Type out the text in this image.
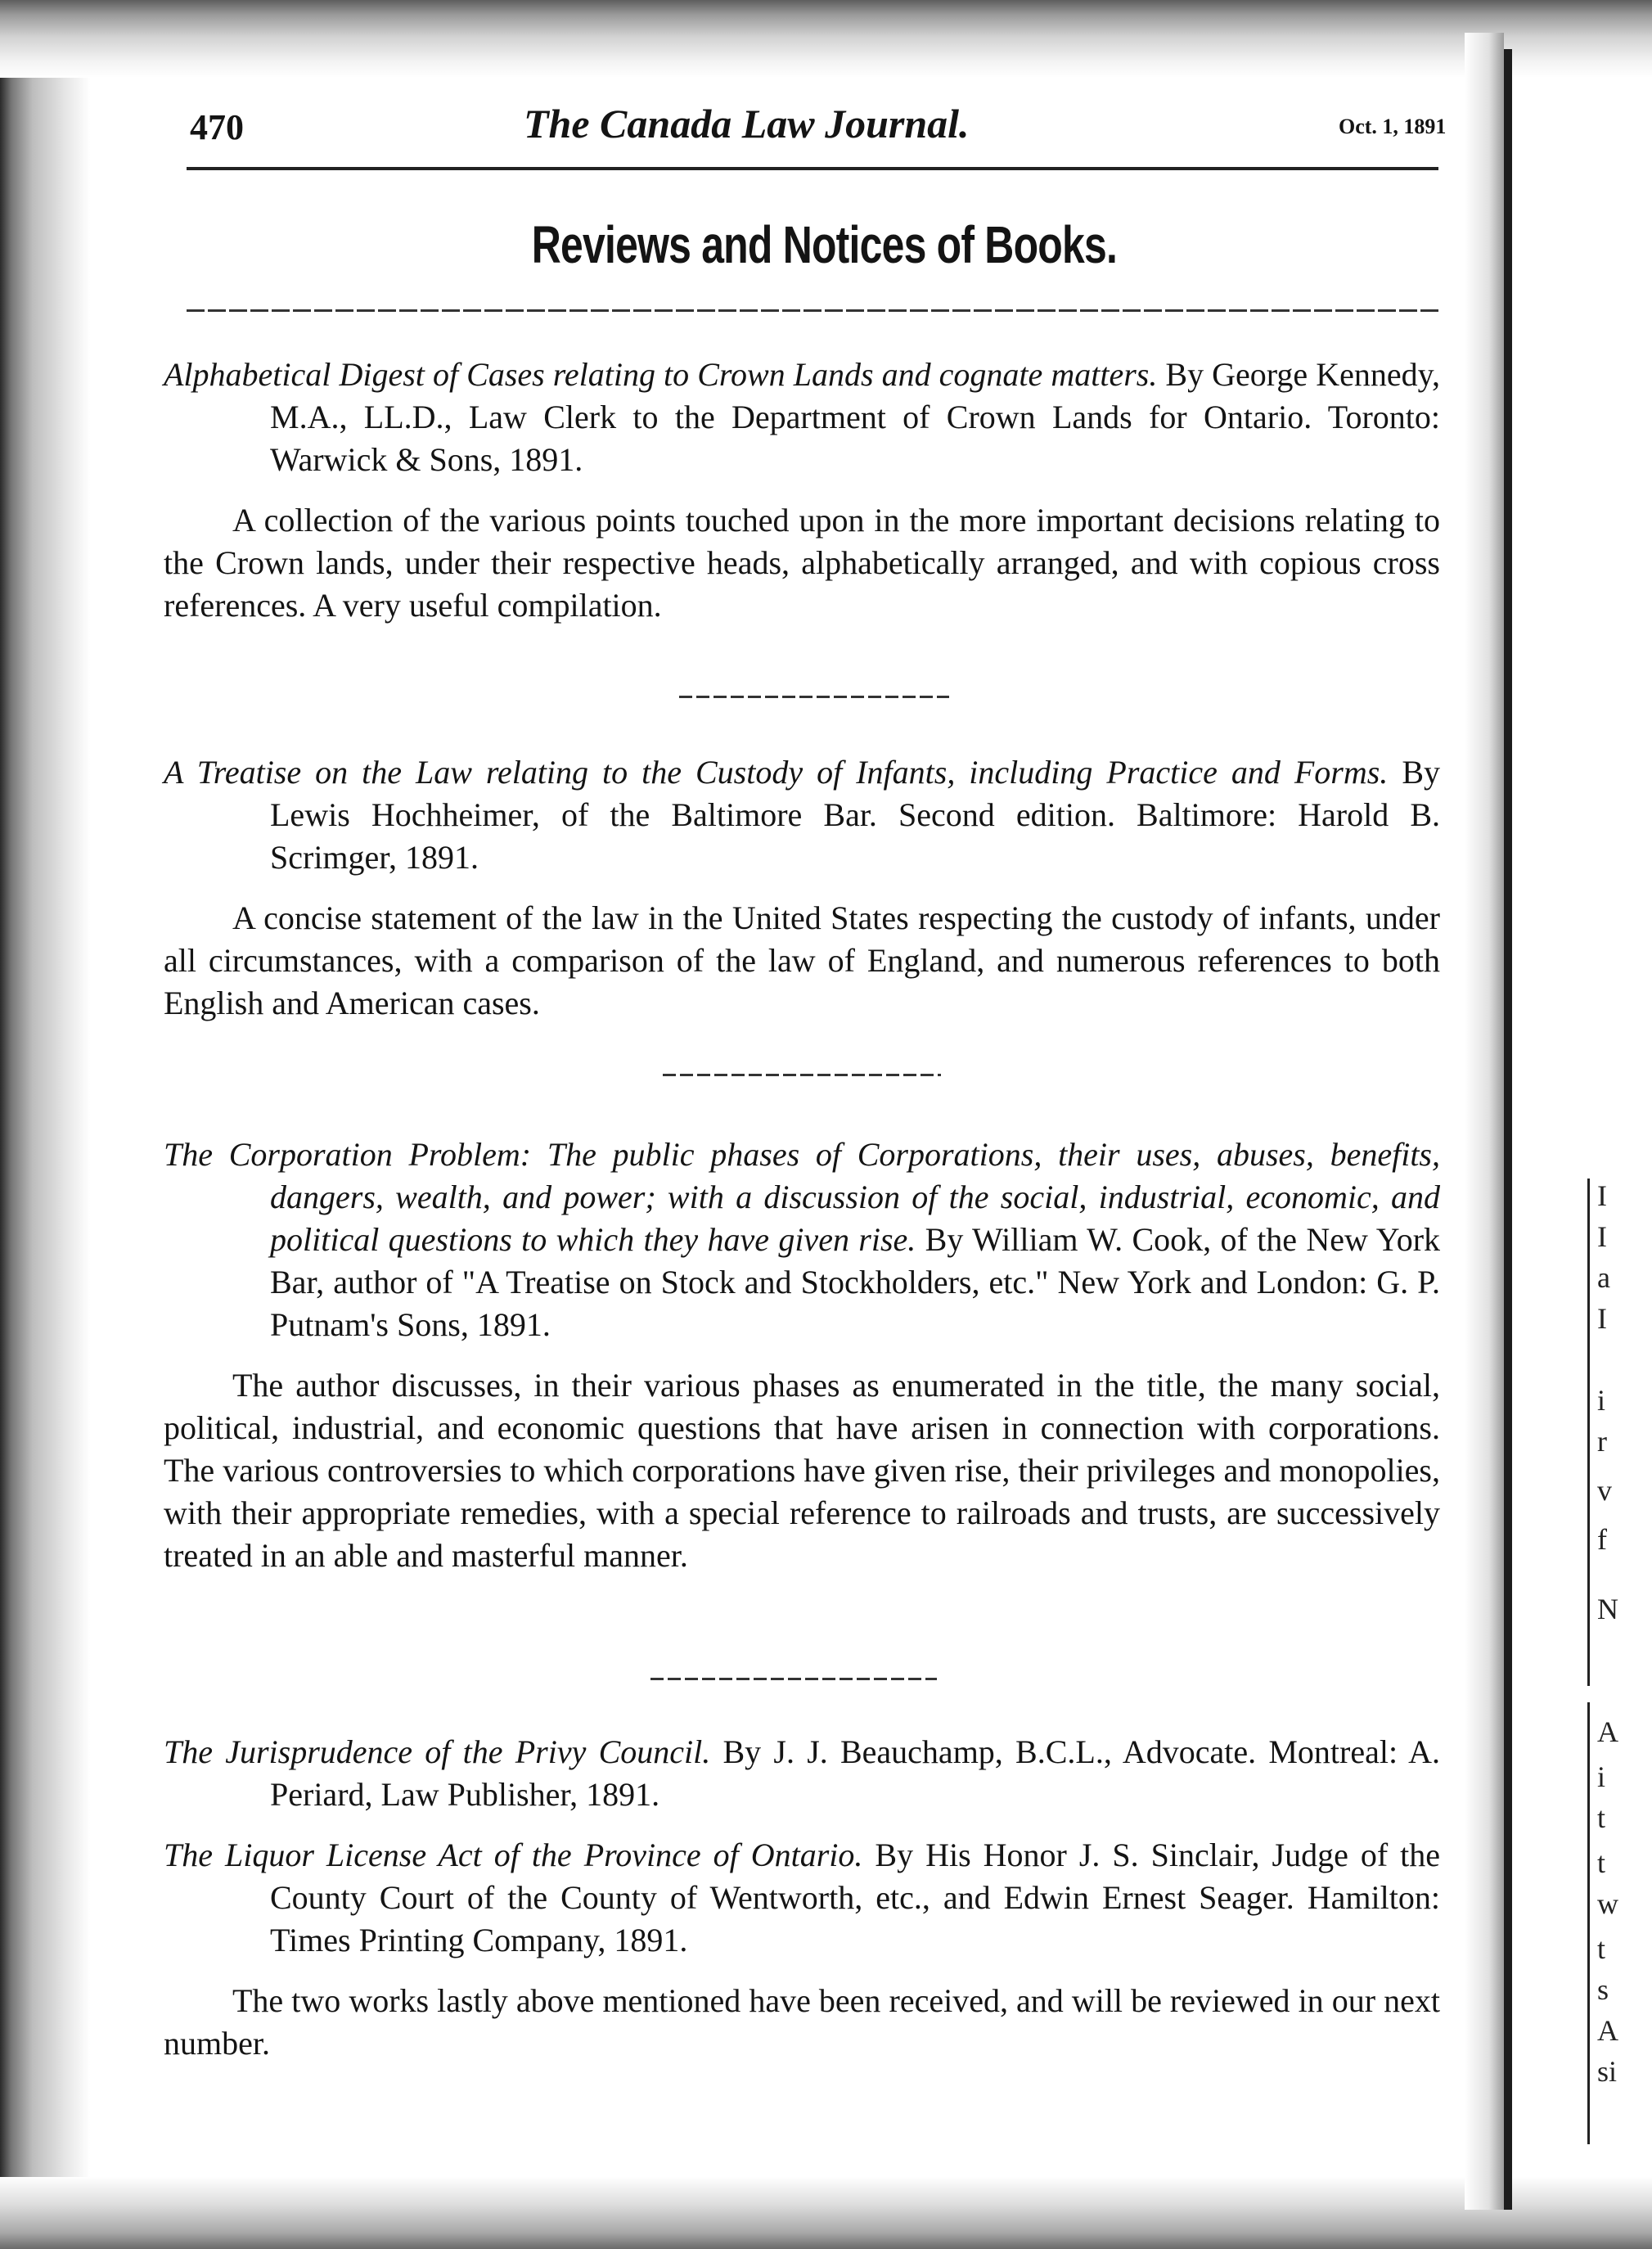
I
I
a
I
i
r
v
f
N
A
i
t
t
w
t
s
A
si
470	The Canada Law Journal.	Oct. 1, 1891
Reviews and Notices of Books.

Alphabetical Digest of Cases relating to Crown Lands and cognate matters. By George Kennedy, M.A., LL.D., Law Clerk to the Department of Crown Lands for Ontario. Toronto: Warwick & Sons, 1891.

A collection of the various points touched upon in the more important decisions relating to the Crown lands, under their respective heads, alphabetically arranged, and with copious cross references. A very useful compilation.

A Treatise on the Law relating to the Custody of Infants, including Practice and Forms. By Lewis Hochheimer, of the Baltimore Bar. Second edition. Baltimore: Harold B. Scrimger, 1891.

A concise statement of the law in the United States respecting the custody of infants, under all circumstances, with a comparison of the law of England, and numerous references to both English and American cases.

The Corporation Problem: The public phases of Corporations, their uses, abuses, benefits, dangers, wealth, and power; with a discussion of the social, industrial, economic, and political questions to which they have given rise. By William W. Cook, of the New York Bar, author of "A Treatise on Stock and Stockholders, etc." New York and London: G. P. Putnam's Sons, 1891.

The author discusses, in their various phases as enumerated in the title, the many social, political, industrial, and economic questions that have arisen in connection with corporations. The various controversies to which corporations have given rise, their privileges and monopolies, with their appropriate remedies, with a special reference to railroads and trusts, are successively treated in an able and masterful manner.

The Jurisprudence of the Privy Council. By J. J. Beauchamp, B.C.L., Advocate. Montreal: A. Periard, Law Publisher, 1891.

The Liquor License Act of the Province of Ontario. By His Honor J. S. Sinclair, Judge of the County Court of the County of Wentworth, etc., and Edwin Ernest Seager. Hamilton: Times Printing Company, 1891.

The two works lastly above mentioned have been received, and will be reviewed in our next number.
